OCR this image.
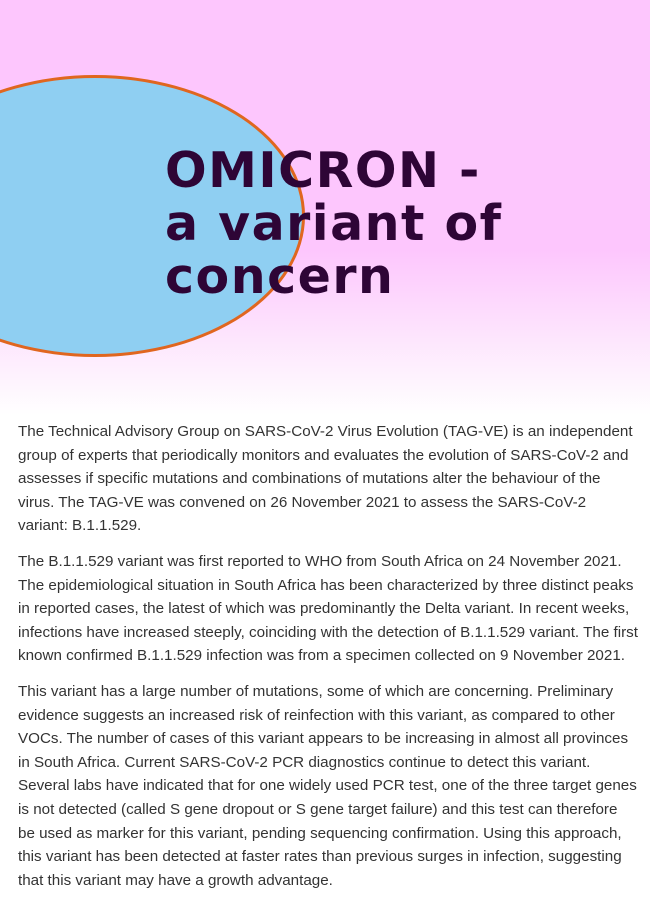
OMICRON -
a variant of
concern

The Technical Advisory Group on SARS-CoV-2 Virus Evolution (TAG-VE) is an independent group of experts that periodically monitors and evaluates the evolution of SARS-CoV-2 and assesses if specific mutations and combinations of mutations alter the behaviour of the virus. The TAG-VE was convened on 26 November 2021 to assess the SARS-CoV-2 variant: B.1.1.529.

The B.1.1.529 variant was first reported to WHO from South Africa on 24 November 2021. The epidemiological situation in South Africa has been characterized by three distinct peaks in reported cases, the latest of which was predominantly the Delta variant. In recent weeks, infections have increased steeply, coinciding with the detection of B.1.1.529 variant. The first known confirmed B.1.1.529 infection was from a specimen collected on 9 November 2021.

This variant has a large number of mutations, some of which are concerning. Preliminary evidence suggests an increased risk of reinfection with this variant, as compared to other VOCs. The number of cases of this variant appears to be increasing in almost all provinces in South Africa. Current SARS-CoV-2 PCR diagnostics continue to detect this variant. Several labs have indicated that for one widely used PCR test, one of the three target genes is not detected (called S gene dropout or S gene target failure) and this test can therefore be used as marker for this variant, pending sequencing confirmation. Using this approach, this variant has been detected at faster rates than previous surges in infection, suggesting that this variant may have a growth advantage.
